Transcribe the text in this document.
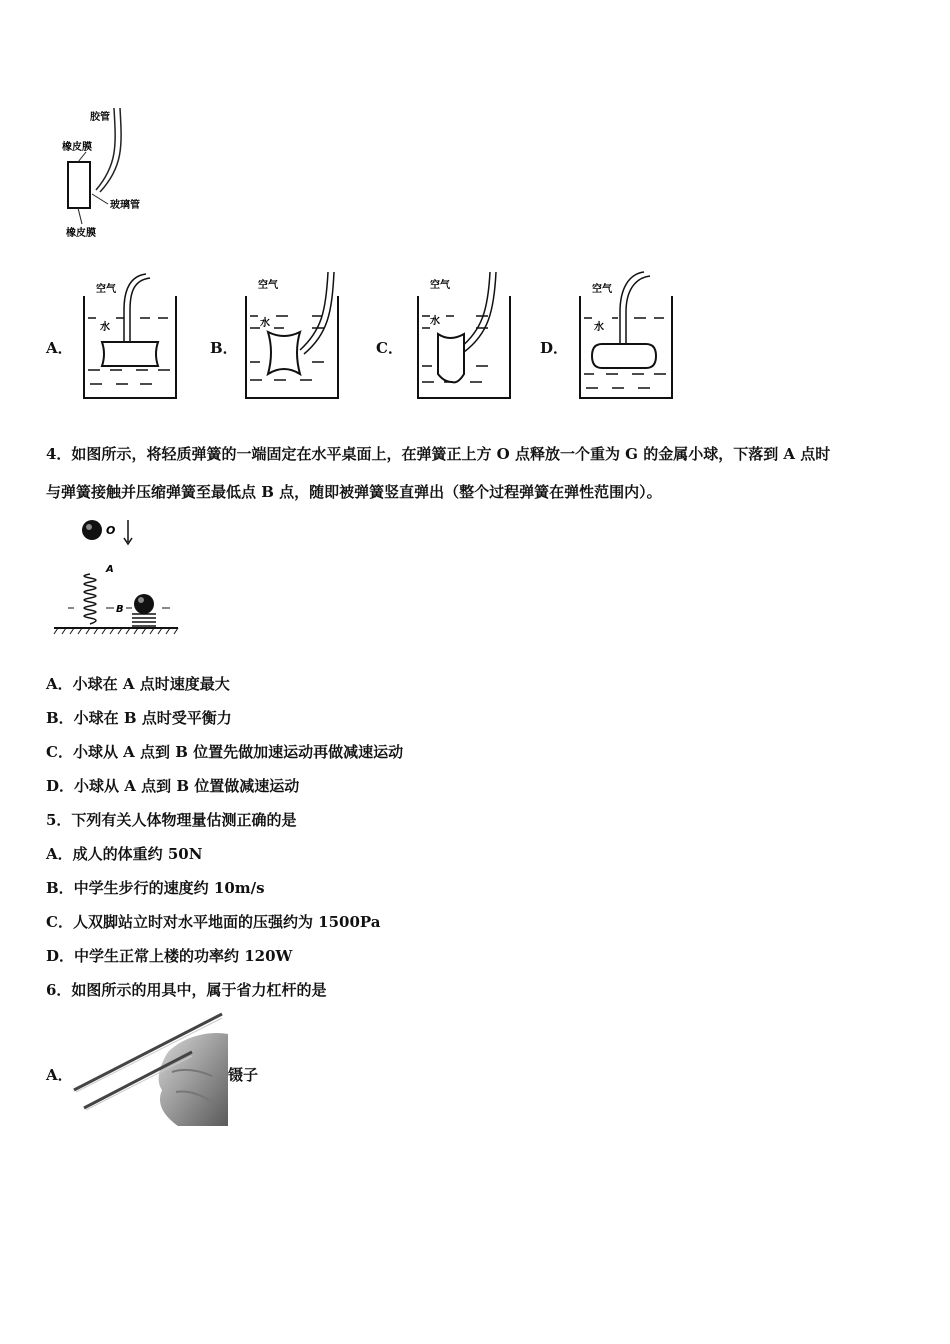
胶管
橡皮膜
玻璃管
橡皮膜
A．
空气
水
B．
空气
水
C．
空气
水
D．
空气
水
4．如图所示，将轻质弹簧的一端固定在水平桌面上，在弹簧正上方 O 点释放一个重为 G 的金属小球，下落到 A 点时
与弹簧接触并压缩弹簧至最低点 B 点，随即被弹簧竖直弹出（整个过程弹簧在弹性范围内）。
O
A
B
A．小球在 A 点时速度最大
B．小球在 B 点时受平衡力
C．小球从 A 点到 B 位置先做加速运动再做减速运动
D．小球从 A 点到 B 位置做减速运动
5．下列有关人体物理量估测正确的是
A．成人的体重约 50N
B．中学生步行的速度约 10m/s
C．人双脚站立时对水平地面的压强约为 1500Pa
D．中学生正常上楼的功率约 120W
6．如图所示的用具中，属于省力杠杆的是
A．	镊子
